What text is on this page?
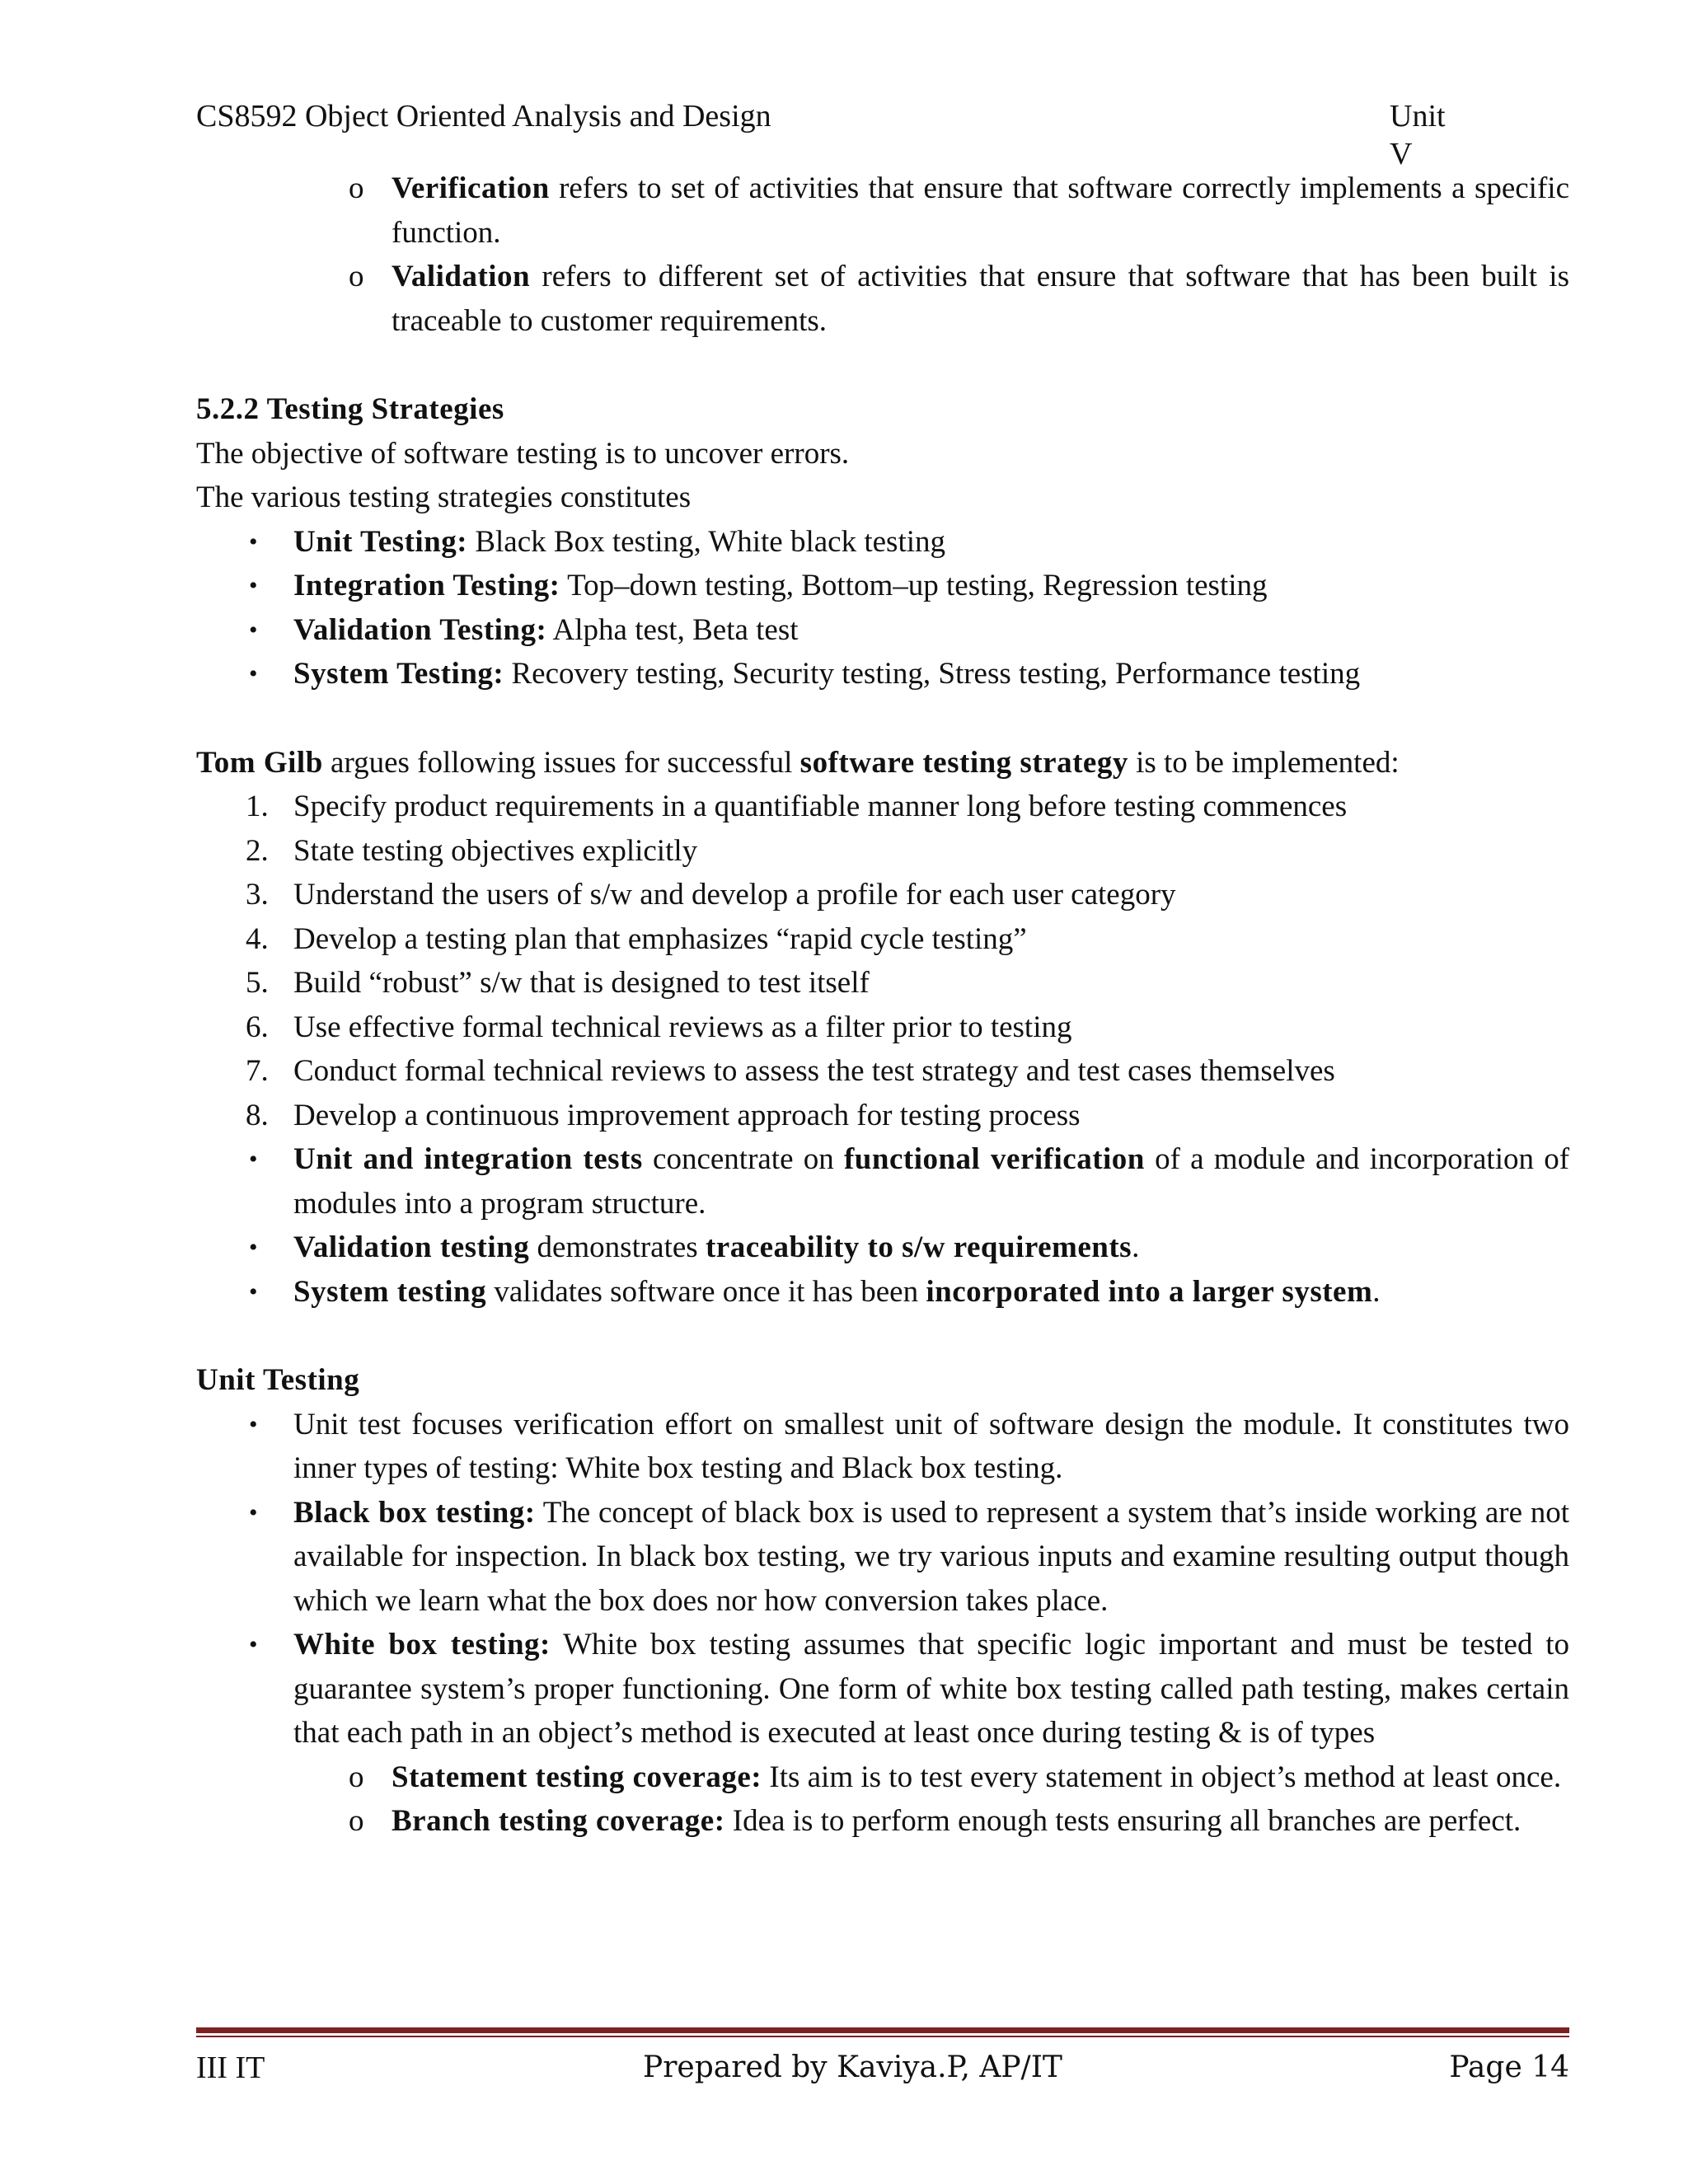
CS8592 Object Oriented Analysis and Design	Unit V
o Verification refers to set of activities that ensure that software correctly implements a specific function.
o Validation refers to different set of activities that ensure that software that has been built is traceable to customer requirements.
5.2.2 Testing Strategies
The objective of software testing is to uncover errors.
The various testing strategies constitutes
• Unit Testing: Black Box testing, White black testing
• Integration Testing: Top–down testing, Bottom–up testing, Regression testing
• Validation Testing: Alpha test, Beta test
• System Testing: Recovery testing, Security testing, Stress testing, Performance testing
Tom Gilb argues following issues for successful software testing strategy is to be implemented:
1. Specify product requirements in a quantifiable manner long before testing commences
2. State testing objectives explicitly
3. Understand the users of s/w and develop a profile for each user category
4. Develop a testing plan that emphasizes “rapid cycle testing”
5. Build “robust” s/w that is designed to test itself
6. Use effective formal technical reviews as a filter prior to testing
7. Conduct formal technical reviews to assess the test strategy and test cases themselves
8. Develop a continuous improvement approach for testing process
• Unit and integration tests concentrate on functional verification of a module and incorporation of modules into a program structure.
• Validation testing demonstrates traceability to s/w requirements.
• System testing validates software once it has been incorporated into a larger system.
Unit Testing
• Unit test focuses verification effort on smallest unit of software design the module. It constitutes two inner types of testing: White box testing and Black box testing.
• Black box testing: The concept of black box is used to represent a system that’s inside working are not available for inspection. In black box testing, we try various inputs and examine resulting output though which we learn what the box does nor how conversion takes place.
• White box testing: White box testing assumes that specific logic important and must be tested to guarantee system’s proper functioning. One form of white box testing called path testing, makes certain that each path in an object’s method is executed at least once during testing & is of types
o Statement testing coverage: Its aim is to test every statement in object’s method at least once.
o Branch testing coverage: Idea is to perform enough tests ensuring all branches are perfect.
III IT	Prepared by Kaviya.P, AP/IT	Page 14
